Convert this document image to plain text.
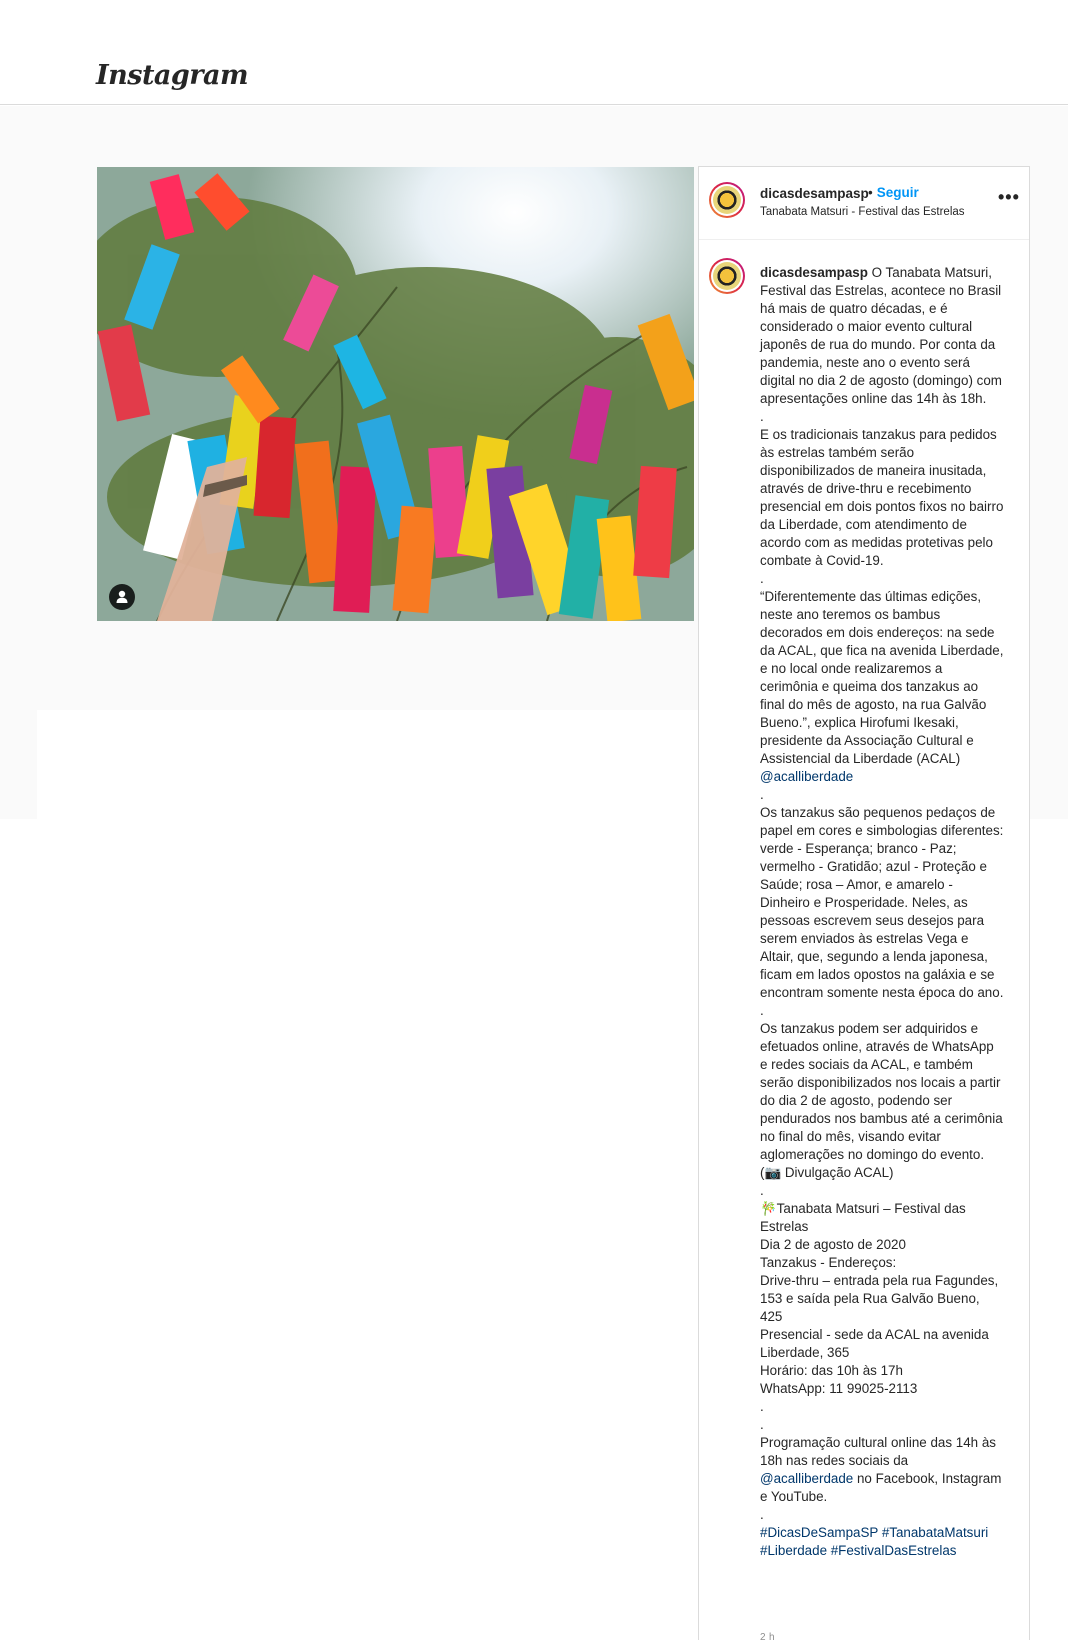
Instagram
dicasdesampasp • Seguir
Tanabata Matsuri - Festival das Estrelas
•••
dicasdesampasp O Tanabata Matsuri, Festival das Estrelas, acontece no Brasil há mais de quatro décadas, e é considerado o maior evento cultural japonês de rua do mundo. Por conta da pandemia, neste ano o evento será digital no dia 2 de agosto (domingo) com apresentações online das 14h às 18h.
.
E os tradicionais tanzakus para pedidos às estrelas também serão disponibilizados de maneira inusitada, através de drive-thru e recebimento presencial em dois pontos fixos no bairro da Liberdade, com atendimento de acordo com as medidas protetivas pelo combate à Covid-19.
.
“Diferentemente das últimas edições, neste ano teremos os bambus decorados em dois endereços: na sede da ACAL, que fica na avenida Liberdade, e no local onde realizaremos a cerimônia e queima dos tanzakus ao final do mês de agosto, na rua Galvão Bueno.”, explica Hirofumi Ikesaki, presidente da Associação Cultural e Assistencial da Liberdade (ACAL) @acalliberdade
.
Os tanzakus são pequenos pedaços de papel em cores e simbologias diferentes: verde - Esperança; branco - Paz; vermelho - Gratidão; azul - Proteção e Saúde; rosa – Amor, e amarelo - Dinheiro e Prosperidade. Neles, as pessoas escrevem seus desejos para serem enviados às estrelas Vega e Altair, que, segundo a lenda japonesa, ficam em lados opostos na galáxia e se encontram somente nesta época do ano.
.
Os tanzakus podem ser adquiridos e efetuados online, através de WhatsApp e redes sociais da ACAL, e também serão disponibilizados nos locais a partir do dia 2 de agosto, podendo ser pendurados nos bambus até a cerimônia no final do mês, visando evitar aglomerações no domingo do evento.
(📷 Divulgação ACAL)
.
🎋Tanabata Matsuri – Festival das Estrelas
Dia 2 de agosto de 2020
Tanzakus - Endereços:
Drive-thru – entrada pela rua Fagundes, 153 e saída pela Rua Galvão Bueno, 425
Presencial - sede da ACAL na avenida Liberdade, 365
Horário: das 10h às 17h
WhatsApp: 11 99025-2113
.
.
Programação cultural online das 14h às 18h nas redes sociais da @acalliberdade no Facebook, Instagram e YouTube.
.
#DicasDeSampaSP #TanabataMatsuri #Liberdade #FestivalDasEstrelas
2 h
